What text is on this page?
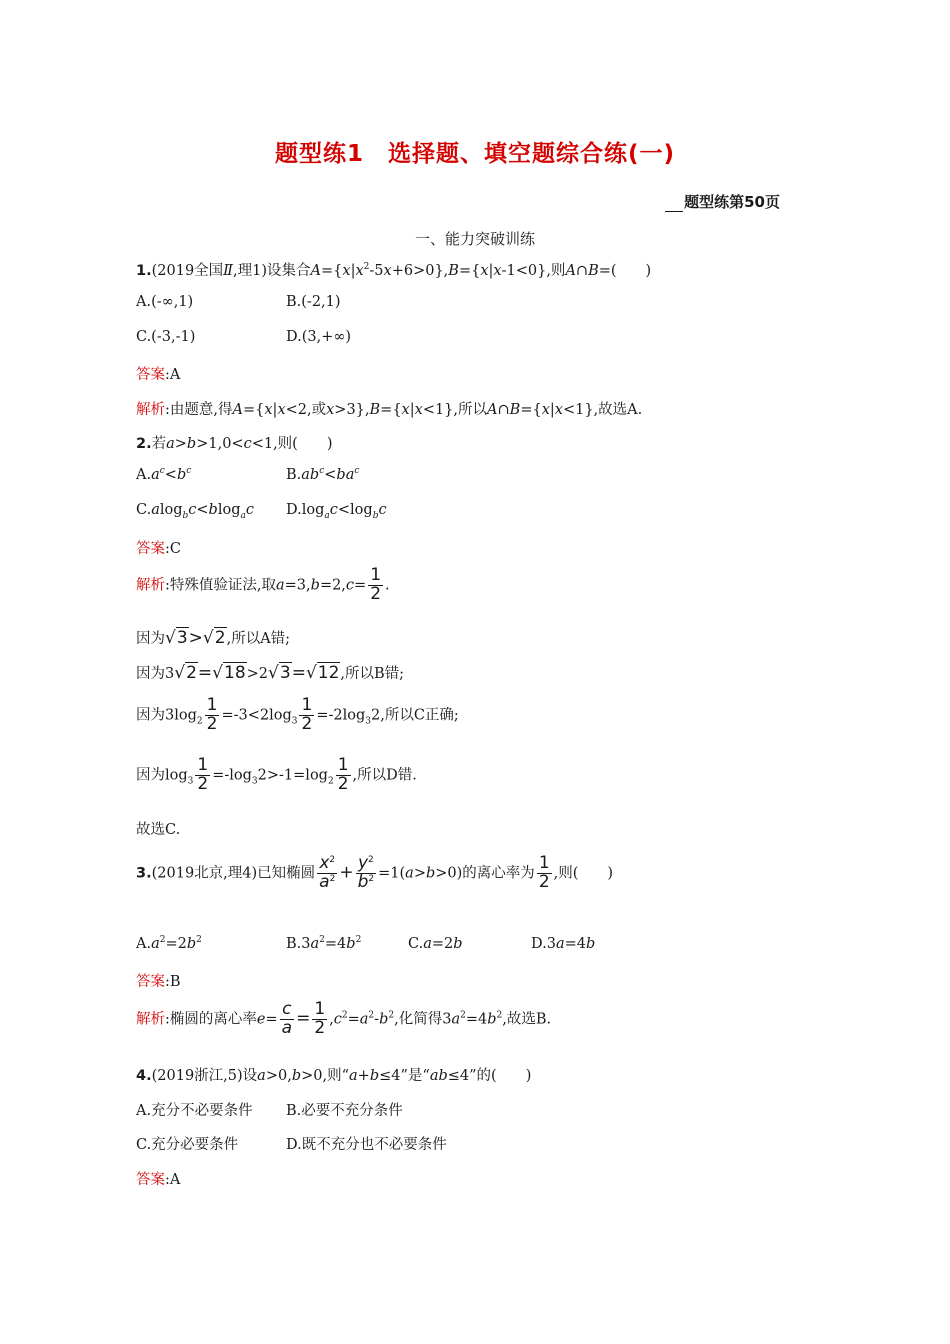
题型练1　选择题、填空题综合练(一)
题型练第50页
一、能力突破训练
1.(2019全国Ⅱ,理1)设集合$A=\{x|x^2-5x+6>0\},B=\{x|x-1<0\}$,则A∩B=(　　)
A.(-∞,1)	B.(-2,1)
C.(-3,-1)	D.(3,+∞)
答案:A
解析:由题意,得A={x|x<2,或x>3},B={x|x<1},所以A∩B={x|x<1},故选A.
2.若a>b>1,0<c<1,则(　　)
$A.a^c<b^c$	$B.ab^c<ba^c$
C.alog$_b$c<blog$_a$c $D.\log_ac<\log_bc$
答案:C
解析:特殊值验证法,取$a=3,b=2,c= \frac{1}{2}$ .
因为√3>√2,所以A错;
因为3√2=√18>2√3=√12,所以B错;
因为$3\log_2 \frac{1}{2} =-3<2\log_3 \frac{1}{2} =-2\log_32$,所以C正确;
因为$\log_3 \frac{1}{2} =-\log_32>-1=\log_2 \frac{1}{2}$ ,所以D错.
故选C.
3.(2019北京,理4)已知椭圆 $\frac{x^2}{a^2} + \frac{y^2}{b^2} =1(a>b>0)$的离心率为 $\frac{1}{2}$ ,则(　　)
$A.a^2=2b^2$	$B.3a^2=4b^2$	C.a=2b	D.3a=4b
答案:B
解析:椭圆的离心率$e= \frac{c}{a} = \frac{1}{2} ,c^2=a^2-b^2$,化简得$3a^2=4b^2$,故选B.
4.(2019浙江,5)设a>0,b>0,则“a+b≤4”是“ab≤4”的(　　)
A.充分不必要条件 B.必要不充分条件
C.充分必要条件	D.既不充分也不必要条件
答案:A
